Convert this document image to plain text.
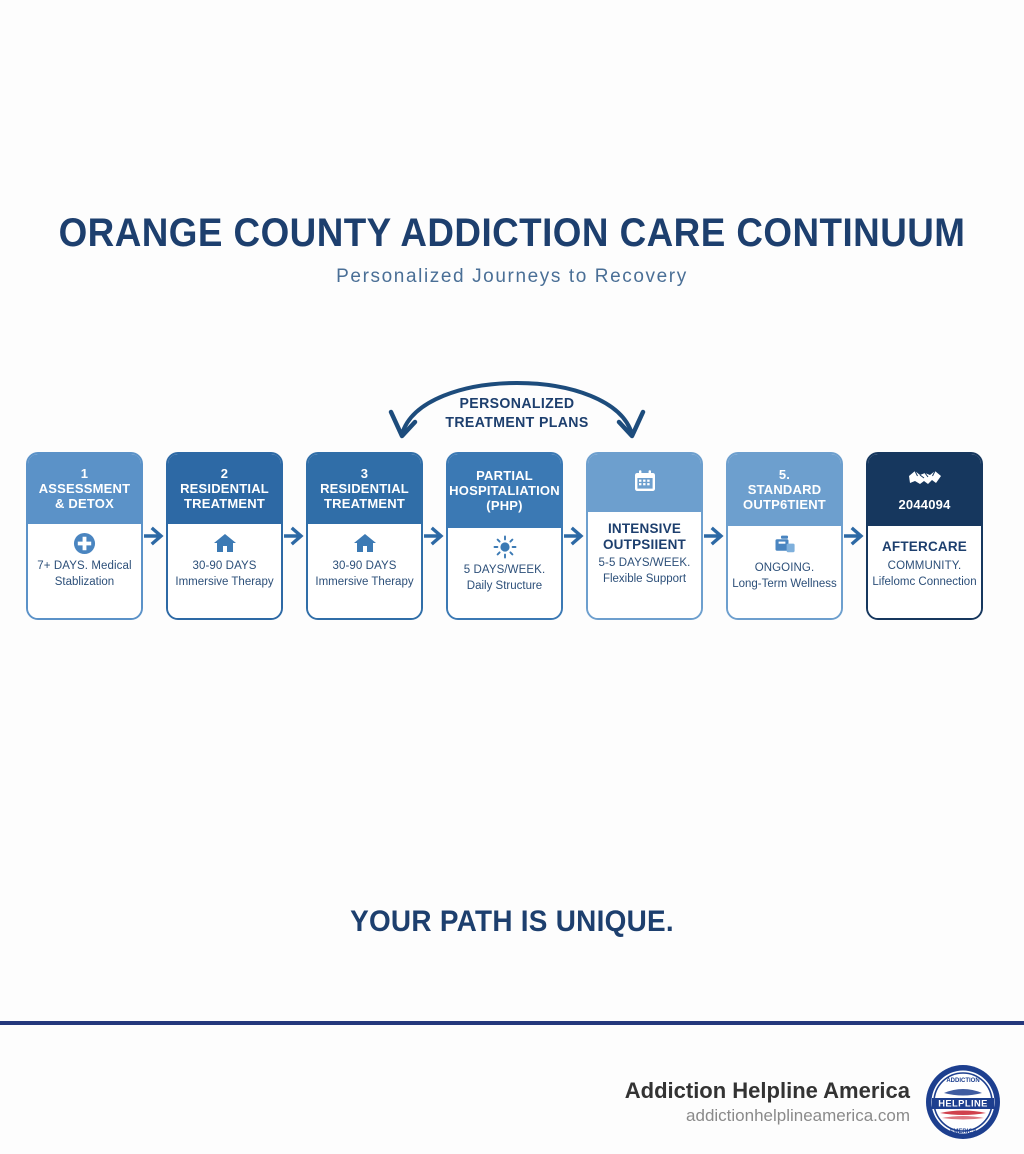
ORANGE COUNTY ADDICTION CARE CONTINUUM
Personalized Journeys to Recovery
PERSONALIZED
TREATMENT PLANS
1
ASSESSMENT
& DETOX
7+ DAYS. Medical
Stablization
2
RESIDENTIAL
TREATMENT
30-90 DAYS
Immersive Therapy
3
RESIDENTIAL
TREATMENT
30-90 DAYS
Immersive Therapy
PARTIAL
HOSPITALIATION
(PHP)
5 DAYS/WEEK.
Daily Structure
INTENSIVE
OUTPSIIENT
5-5 DAYS/WEEK.
Flexible Support
5.
STANDARD
OUTP6TIENT
ONGOING.
Long-Term Wellness
2044094
AFTERCARE
COMMUNITY.
Lifelomc Connection
YOUR PATH IS UNIQUE.
Addiction Helpline America
addictionhelplineamerica.com
HELPLINE
ADDICTION
AMERICA
